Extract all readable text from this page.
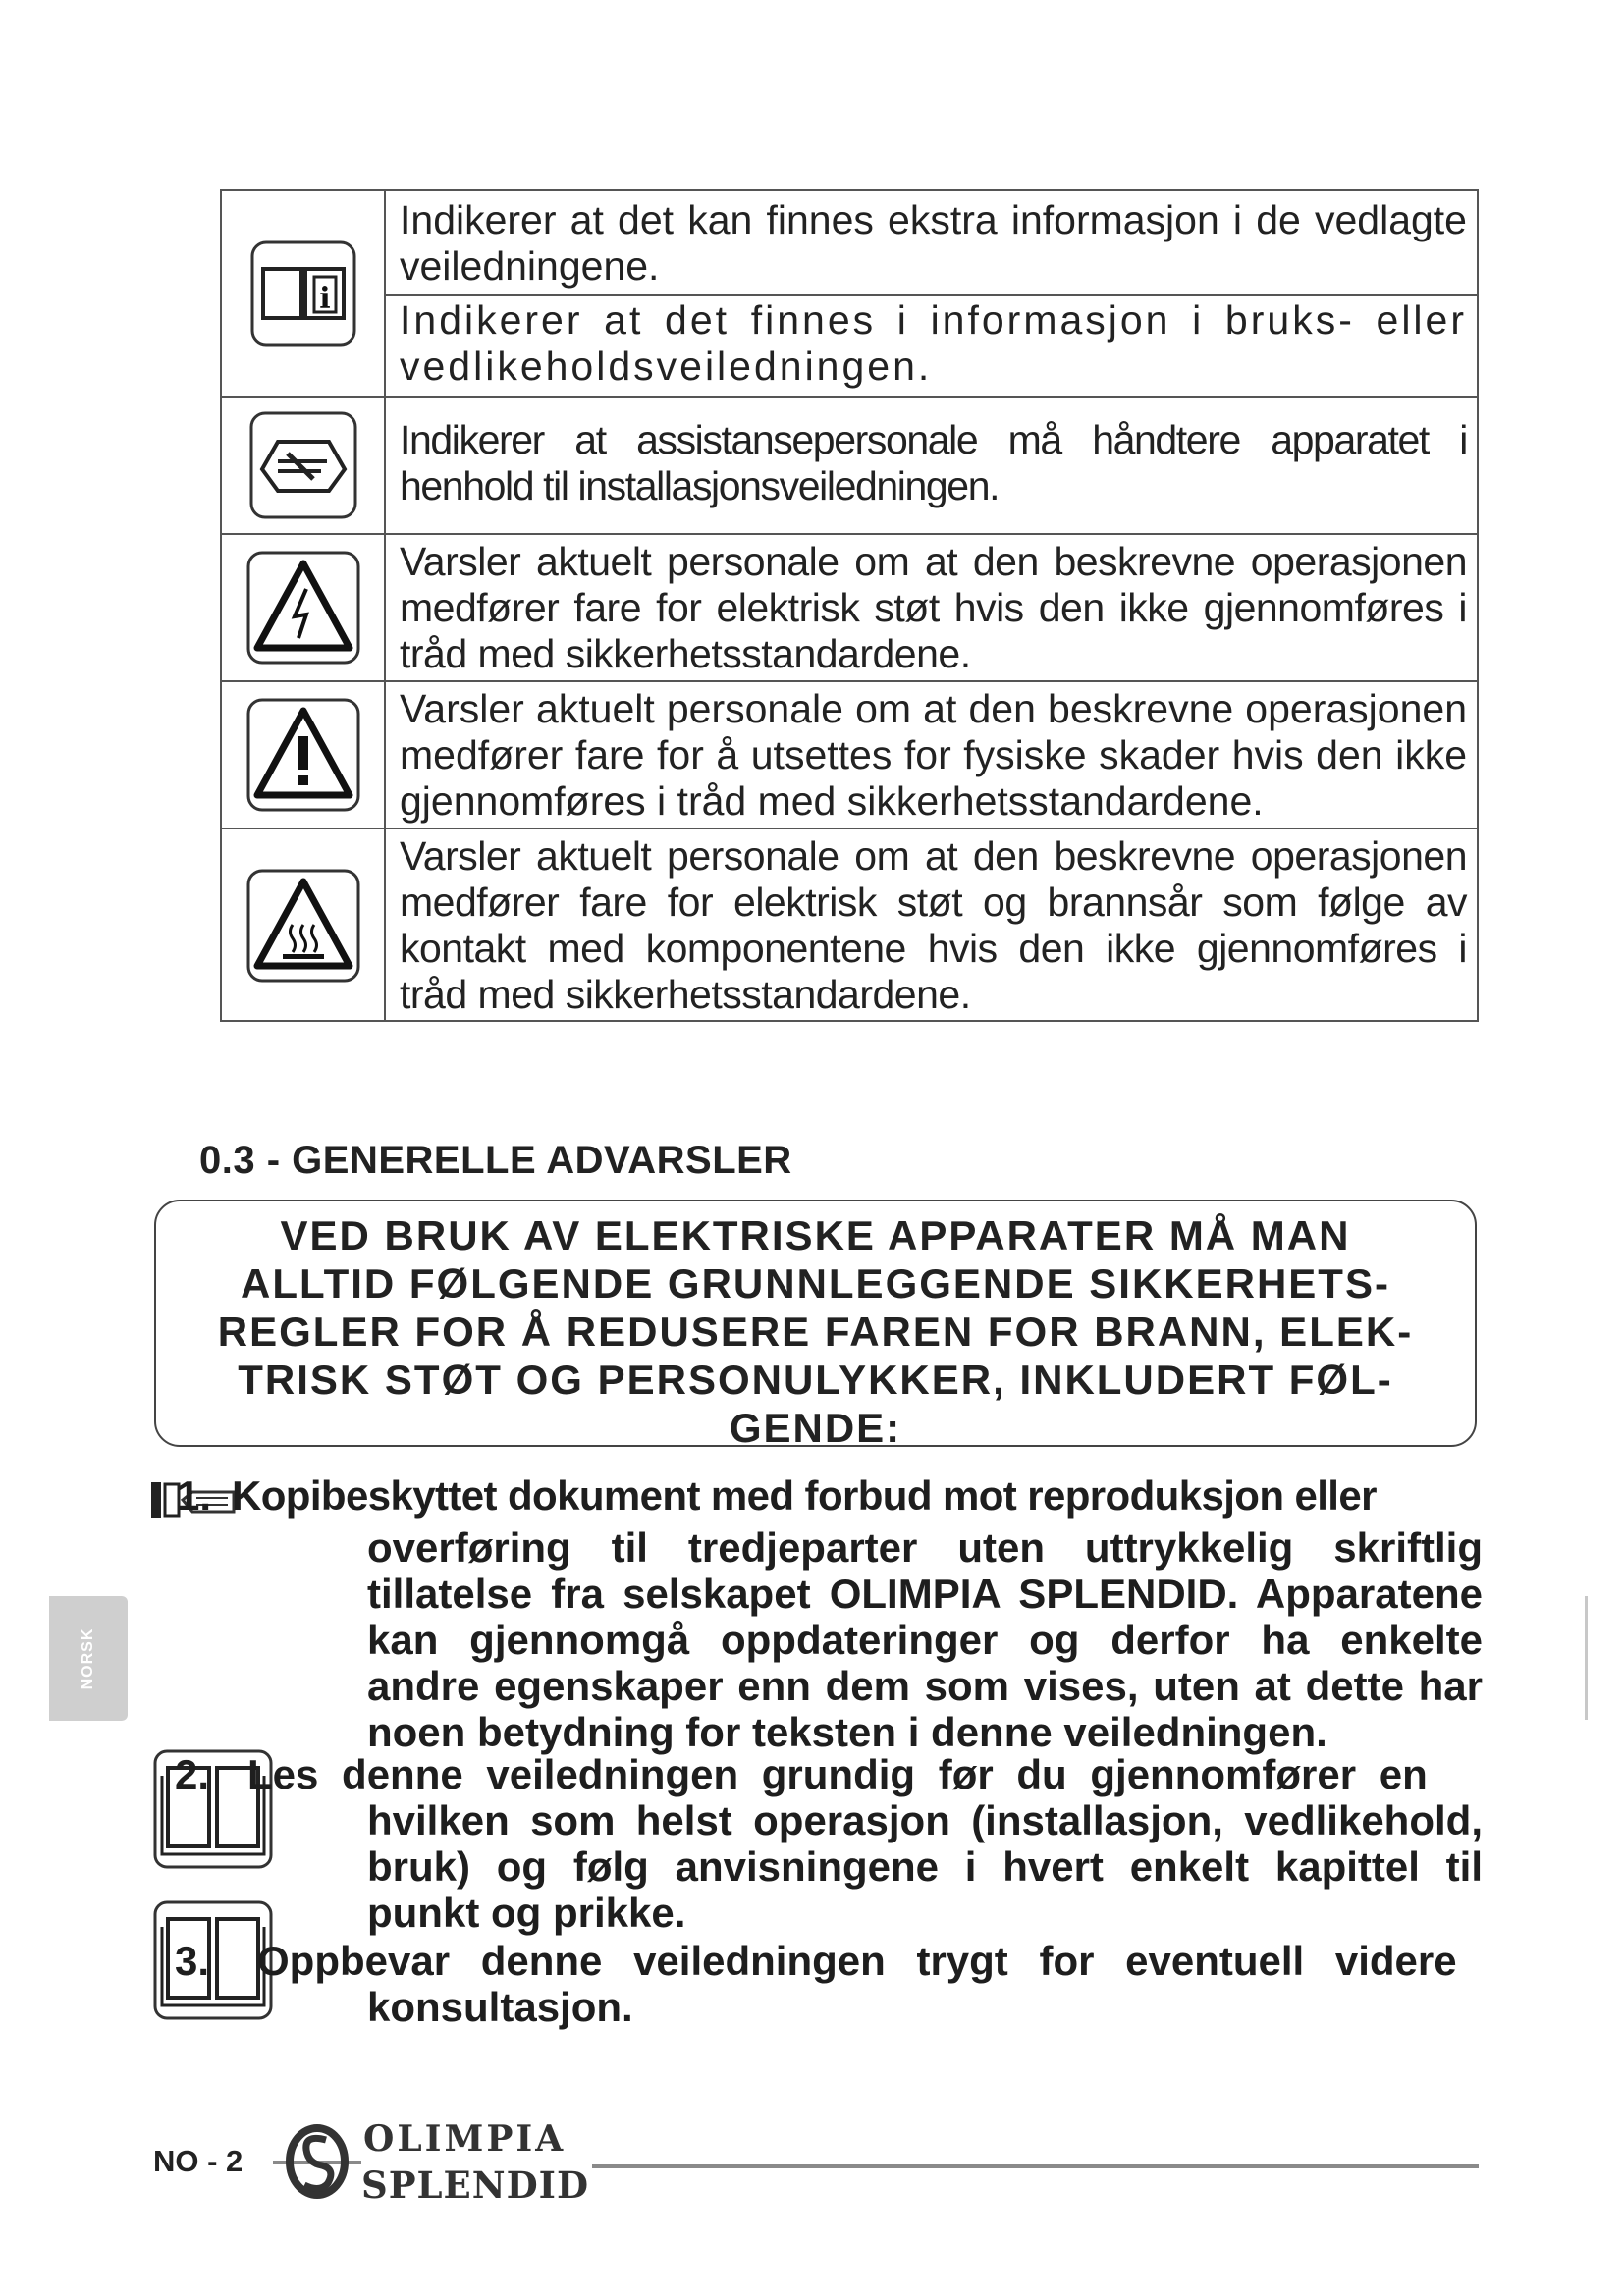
i
Indikerer at det kan finnes ekstra informasjon i de vedlagte veiledningene.
Indikerer at det finnes i informasjon i bruks- eller vedlikeholdsveiledningen.
Indikerer at assistansepersonale må håndtere apparatet i henhold til installasjonsveiledningen.
Varsler aktuelt personale om at den beskrevne operasjonen medfører fare for elektrisk støt hvis den ikke gjennomføres i tråd med sikkerhetsstandardene.
Varsler aktuelt personale om at den beskrevne operasjonen medfører fare for å utsettes for fysiske skader hvis den ikke gjennomføres i tråd med sikkerhetsstandardene.
Varsler aktuelt personale om at den beskrevne operasjonen medfører fare for elektrisk støt og brannsår som følge av kontakt med komponentene hvis den ikke gjennomføres i tråd med sikkerhetsstandardene.
0.3 - GENERELLE ADVARSLER
VED BRUK AV ELEKTRISKE APPARATER MÅ MAN
ALLTID FØLGENDE GRUNNLEGGENDE SIKKERHETS-
REGLER FOR Å REDUSERE FAREN FOR BRANN, ELEK-
TRISK STØT OG PERSONULYKKER, INKLUDERT FØL-
GENDE:
1. Kopibeskyttet dokument med forbud mot reproduksjon eller
overføring til tredjeparter uten uttrykkelig skriftlig tillatelse fra selskapet OLIMPIA SPLENDID. Apparatene kan gjennomgå oppdateringer og derfor ha enkelte andre egenskaper enn dem som vises, uten at dette har noen betydning for teksten i denne veiledningen.
2. Les denne veiledningen grundig før du gjennomfører en
hvilken som helst operasjon (installasjon, vedlikehold, bruk) og følg anvisningene i hvert enkelt kapittel til punkt og prikke.
3. Oppbevar denne veiledningen trygt for eventuell videre
konsultasjon.
NORSK
NO - 2
OLIMPIA
SPLENDID
